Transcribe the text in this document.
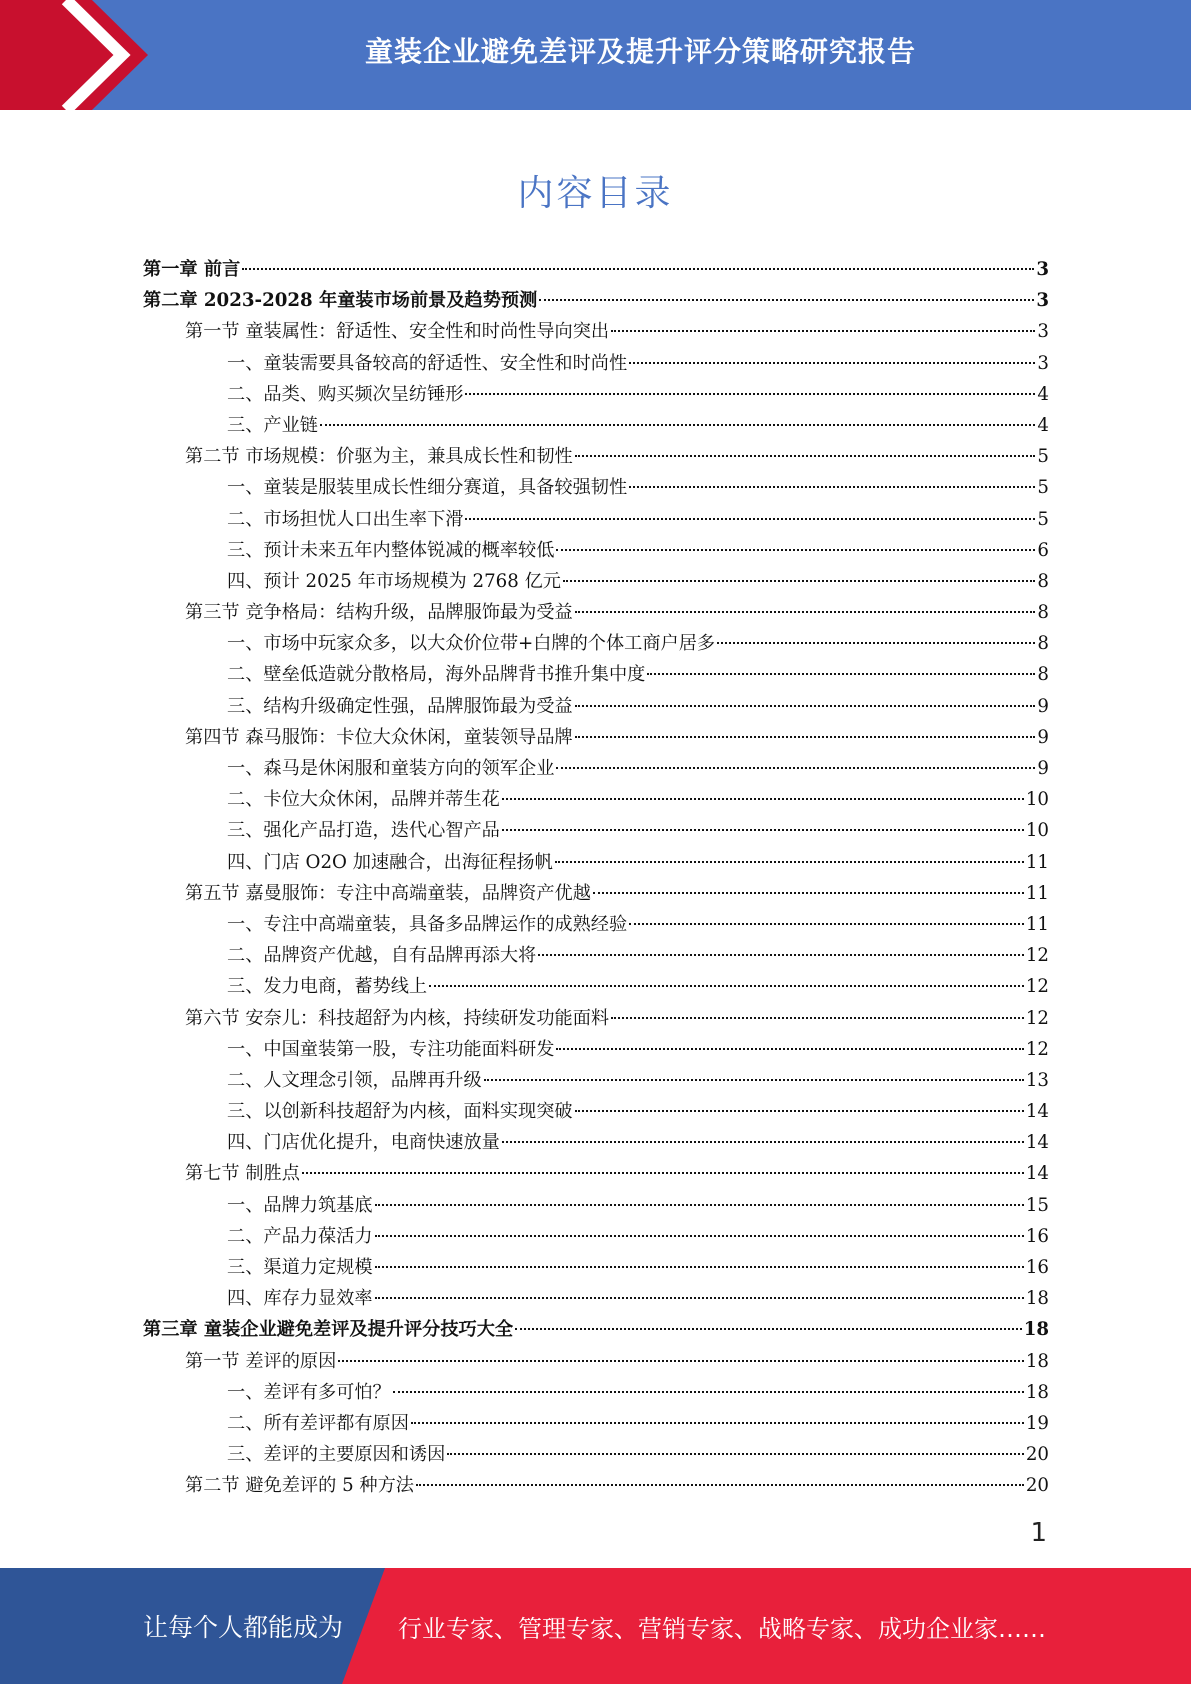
童装企业避免差评及提升评分策略研究报告
内容目录
第一章 前言	3
第二章 2023-2028 年童装市场前景及趋势预测	3
第一节 童装属性：舒适性、安全性和时尚性导向突出	3
一、童装需要具备较高的舒适性、安全性和时尚性	3
二、品类、购买频次呈纺锤形	4
三、产业链	4
第二节 市场规模：价驱为主，兼具成长性和韧性	5
一、童装是服装里成长性细分赛道，具备较强韧性	5
二、市场担忧人口出生率下滑	5
三、预计未来五年内整体锐减的概率较低	6
四、预计 2025 年市场规模为 2768 亿元	8
第三节 竞争格局：结构升级，品牌服饰最为受益	8
一、市场中玩家众多，以大众价位带+白牌的个体工商户居多	8
二、壁垒低造就分散格局，海外品牌背书推升集中度	8
三、结构升级确定性强，品牌服饰最为受益	9
第四节 森马服饰：卡位大众休闲，童装领导品牌	9
一、森马是休闲服和童装方向的领军企业	9
二、卡位大众休闲，品牌并蒂生花	10
三、强化产品打造，迭代心智产品	10
四、门店 O2O 加速融合，出海征程扬帆	11
第五节 嘉曼服饰：专注中高端童装，品牌资产优越	11
一、专注中高端童装，具备多品牌运作的成熟经验	11
二、品牌资产优越，自有品牌再添大将	12
三、发力电商，蓄势线上	12
第六节 安奈儿：科技超舒为内核，持续研发功能面料	12
一、中国童装第一股，专注功能面料研发	12
二、人文理念引领，品牌再升级	13
三、以创新科技超舒为内核，面料实现突破	14
四、门店优化提升，电商快速放量	14
第七节 制胜点	14
一、品牌力筑基底	15
二、产品力葆活力	16
三、渠道力定规模	16
四、库存力显效率	18
第三章 童装企业避免差评及提升评分技巧大全	18
第一节 差评的原因	18
一、差评有多可怕？	18
二、所有差评都有原因	19
三、差评的主要原因和诱因	20
第二节 避免差评的 5 种方法	20
1
让每个人都能成为 行业专家、管理专家、营销专家、战略专家、成功企业家……
